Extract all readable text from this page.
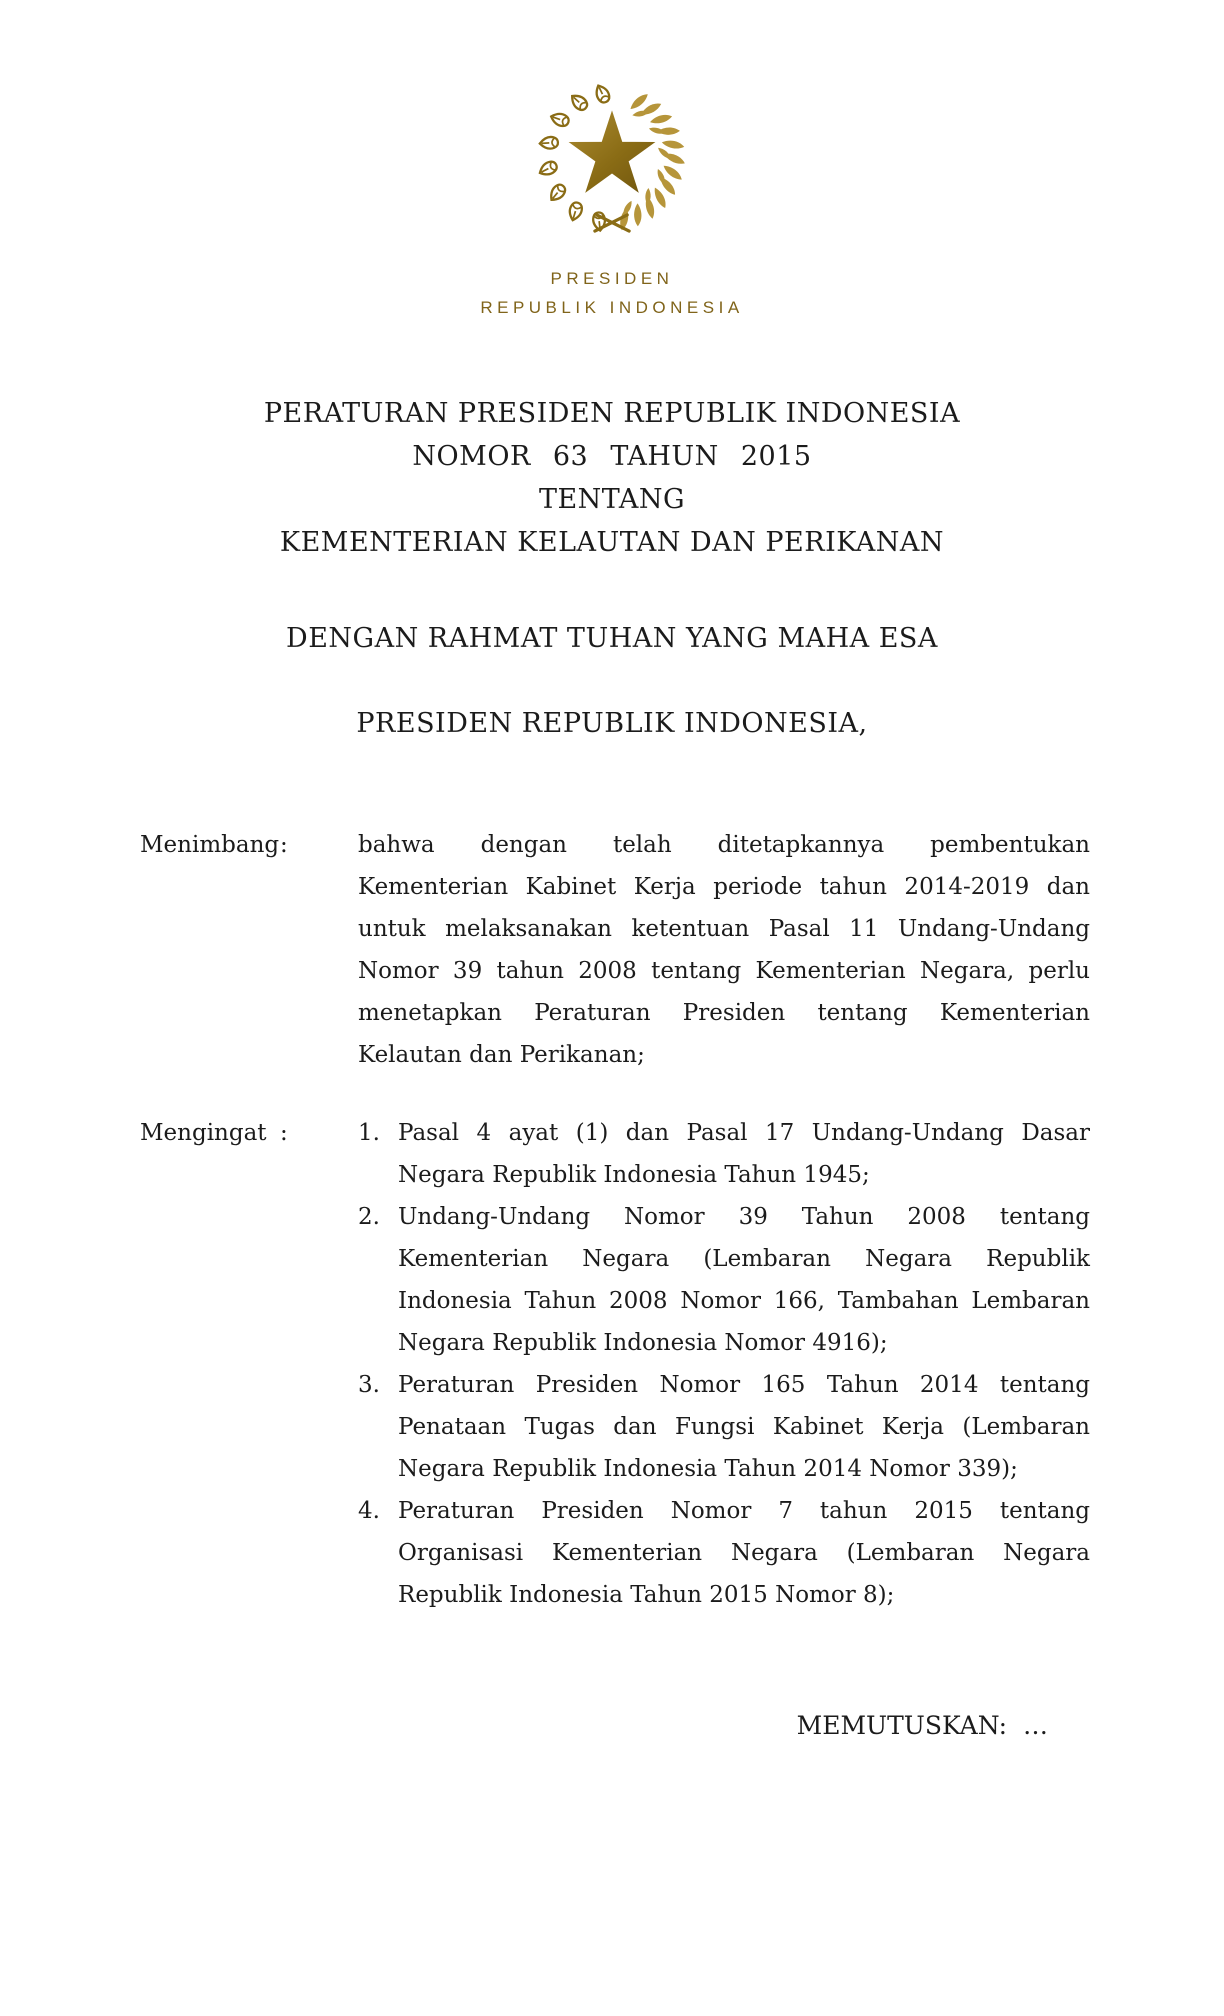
PRESIDEN
REPUBLIK INDONESIA
PERATURAN PRESIDEN REPUBLIK INDONESIA
NOMOR 63 TAHUN 2015
TENTANG
KEMENTERIAN KELAUTAN DAN PERIKANAN
DENGAN RAHMAT TUHAN YANG MAHA ESA
PRESIDEN REPUBLIK INDONESIA,
Menimbang :	bahwa dengan telah ditetapkannya pembentukan
Kementerian Kabinet Kerja periode tahun 2014-2019 dan
untuk melaksanakan ketentuan Pasal 11 Undang-Undang
Nomor 39 tahun 2008 tentang Kementerian Negara, perlu
menetapkan Peraturan Presiden tentang Kementerian
Kelautan dan Perikanan;
Mengingat :	1. Pasal 4 ayat (1) dan Pasal 17 Undang-Undang Dasar
Negara Republik Indonesia Tahun 1945;
2. Undang-Undang Nomor 39 Tahun 2008 tentang
Kementerian Negara (Lembaran Negara Republik
Indonesia Tahun 2008 Nomor 166, Tambahan Lembaran
Negara Republik Indonesia Nomor 4916);
3. Peraturan Presiden Nomor 165 Tahun 2014 tentang
Penataan Tugas dan Fungsi Kabinet Kerja (Lembaran
Negara Republik Indonesia Tahun 2014 Nomor 339);
4. Peraturan Presiden Nomor 7 tahun 2015 tentang
Organisasi Kementerian Negara (Lembaran Negara
Republik Indonesia Tahun 2015 Nomor 8);
MEMUTUSKAN:  …
